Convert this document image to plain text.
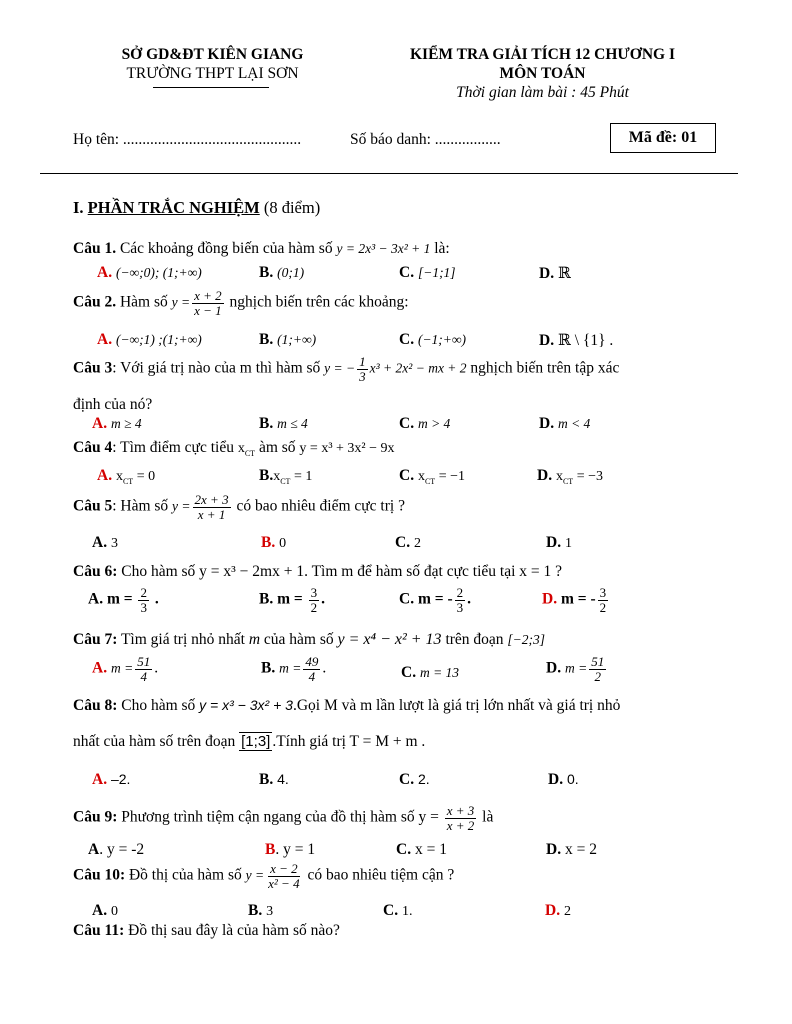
SỞ GD&ĐT KIÊN GIANG
TRƯỜNG THPT LẠI SƠN
KIỂM TRA GIẢI TÍCH 12 CHƯƠNG I
MÔN TOÁN
Thời gian làm bài : 45 Phút
Họ tên: ..............................................	Số báo danh: .................	Mã đề: 01
I. PHẦN TRẮC NGHIỆM (8 điểm)
Câu 1. Các khoảng đồng biến của hàm số y = 2x³ − 3x² + 1 là:
A. (−∞;0); (1;+∞)	B. (0;1)	C. [−1;1]	D. ℝ
Câu 2. Hàm số $y = \frac{x + 2}{x - 1}$ nghịch biến trên các khoảng:
A. (−∞;1) ;(1;+∞)	B. (1;+∞)	C. (−1;+∞)	D. ℝ \ {1} .
Câu 3: Với giá trị nào của m thì hàm số y = − $\frac{1}{3} x^3 + 2x^2$ − mx + 2 nghịch biến trên tập xác
định của nó?
A. m ≥ 4	B. m ≤ 4	C. m > 4	D. m < 4
Câu 4: Tìm điểm cực tiểu $x_{CT}$ àm số y = x³ + 3x² − 9x
A. $x_{CT} = 0$	$B.x_{CT} = 1$	C. $x_{CT} = -1$	D. $x_{CT} = -3$
Câu 5: Hàm số $y = \frac{2x + 3}{x + 1}$ có bao nhiêu điểm cực trị ?
A. 3	B. 0	C. 2	D. 1
Câu 6: Cho hàm số y = x³ − 2mx + 1. Tìm m để hàm số đạt cực tiểu tại x = 1 ?
A. $m = \frac{2}{3}$ .	B. $m = \frac{3}{2}$ .	C. m = - $\frac{2}{3}$ .	D. m = - $\frac{3}{2}$
Câu 7: Tìm giá trị nhỏ nhất m của hàm số y = x⁴ − x² + 13 trên đoạn [−2;3]
A. $m = \frac{51}{4}$ .	B. $m = \frac{49}{4}$ .	C. m = 13	D. $m = \frac{51}{2}$
Câu 8: Cho hàm số y = x³ − 3x² + 3.Gọi M và m lần lượt là giá trị lớn nhất và giá trị nhỏ
nhất của hàm số trên đoạn [1;3] .Tính giá trị T = M + m .
A. –2.	B. 4.	C. 2.	D. 0.
Câu 9: Phương trình tiệm cận ngang của đồ thị hàm số $y = \frac{x + 3}{x + 2}$ là
A. y = -2	B. y = 1	C. x = 1	D. x = 2
Câu 10: Đồ thị của hàm số $y = \frac{x - 2}{\text{x² − 4}}$ có bao nhiêu tiệm cận ?
A. 0	B. 3	C. 1.	D. 2
Câu 11: Đồ thị sau đây là của hàm số nào?
